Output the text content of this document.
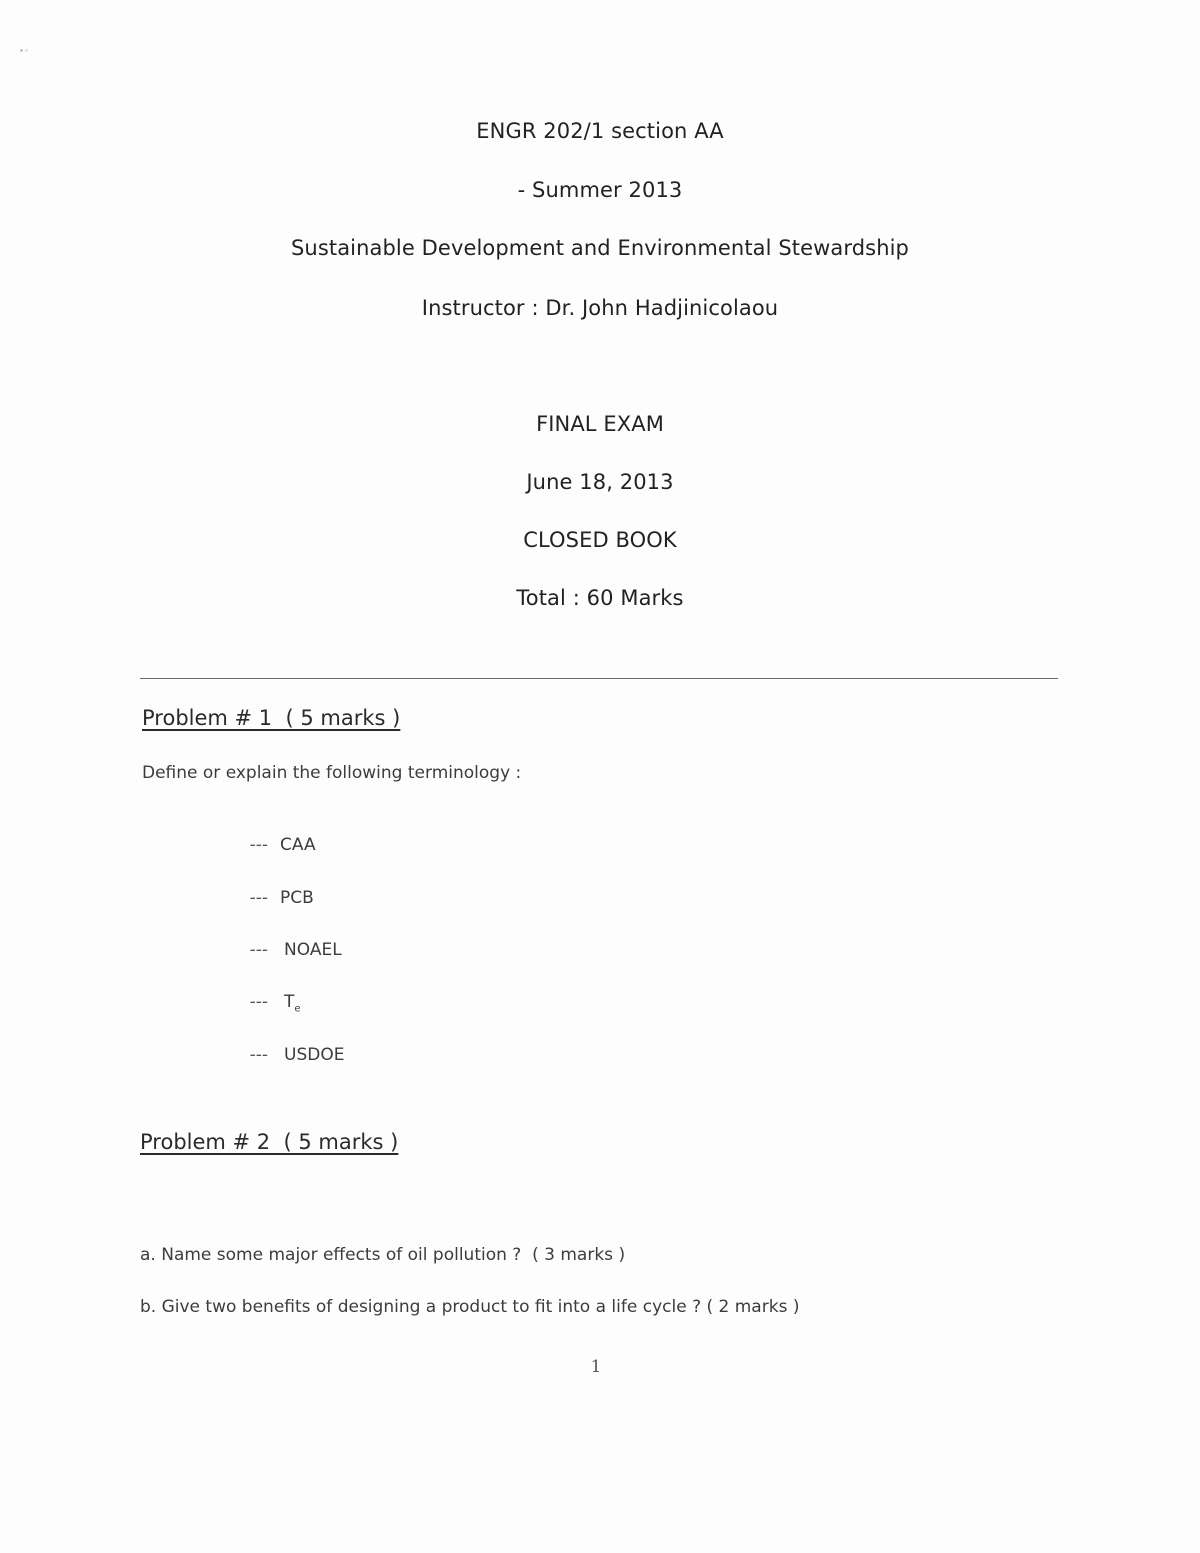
▪ ▫
ENGR 202/1 section AA
- Summer 2013
Sustainable Development and Environmental Stewardship
Instructor : Dr. John Hadjinicolaou
FINAL EXAM
June 18, 2013
CLOSED BOOK
Total : 60 Marks
Problem # 1  ( 5 marks )
Define or explain the following terminology :

--- CAA

--- PCB

--- NOAEL

--- $T_e$

--- USDOE

Problem # 2  ( 5 marks )
a. Name some major effects of oil pollution ?  ( 3 marks )
b. Give two benefits of designing a product to fit into a life cycle ? ( 2 marks )
1
